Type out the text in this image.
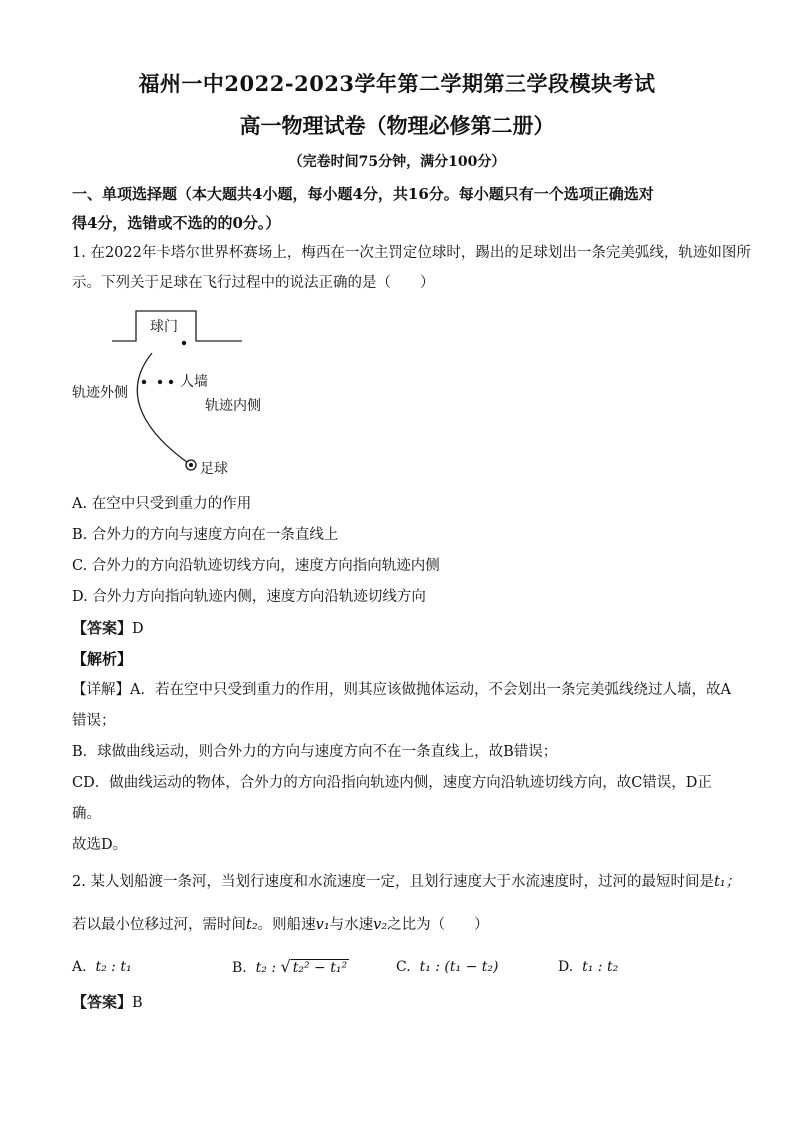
福州一中2022-2023学年第二学期第三学段模块考试
高一物理试卷（物理必修第二册）
（完卷时间75分钟，满分100分）
一、单项选择题（本大题共4小题，每小题4分，共16分。每小题只有一个选项正确选对
得4分，选错或不选的的0分。）
1. 在2022年卡塔尔世界杯赛场上，梅西在一次主罚定位球时，踢出的足球划出一条完美弧线，轨迹如图所
示。下列关于足球在飞行过程中的说法正确的是（　　）
球门
人墙
轨迹外侧
轨迹内侧
足球
A. 在空中只受到重力的作用
B. 合外力的方向与速度方向在一条直线上
C. 合外力的方向沿轨迹切线方向，速度方向指向轨迹内侧
D. 合外力方向指向轨迹内侧，速度方向沿轨迹切线方向
【答案】D
【解析】
【详解】A．若在空中只受到重力的作用，则其应该做抛体运动，不会划出一条完美弧线绕过人墙，故A
错误；
B．球做曲线运动，则合外力的方向与速度方向不在一条直线上，故B错误；
CD．做曲线运动的物体，合外力的方向沿指向轨迹内侧，速度方向沿轨迹切线方向，故C错误，D正
确。
故选D。
2. 某人划船渡一条河，当划行速度和水流速度一定，且划行速度大于水流速度时，过河的最短时间是t₁；
若以最小位移过河，需时间t₂。则船速v₁与水速v₂之比为（　　）
A. t₂ : t₁	B. t₂ : √ t₂² − t₁²	C. t₁ : (t₁ − t₂)	D. t₁ : t₂
【答案】B
